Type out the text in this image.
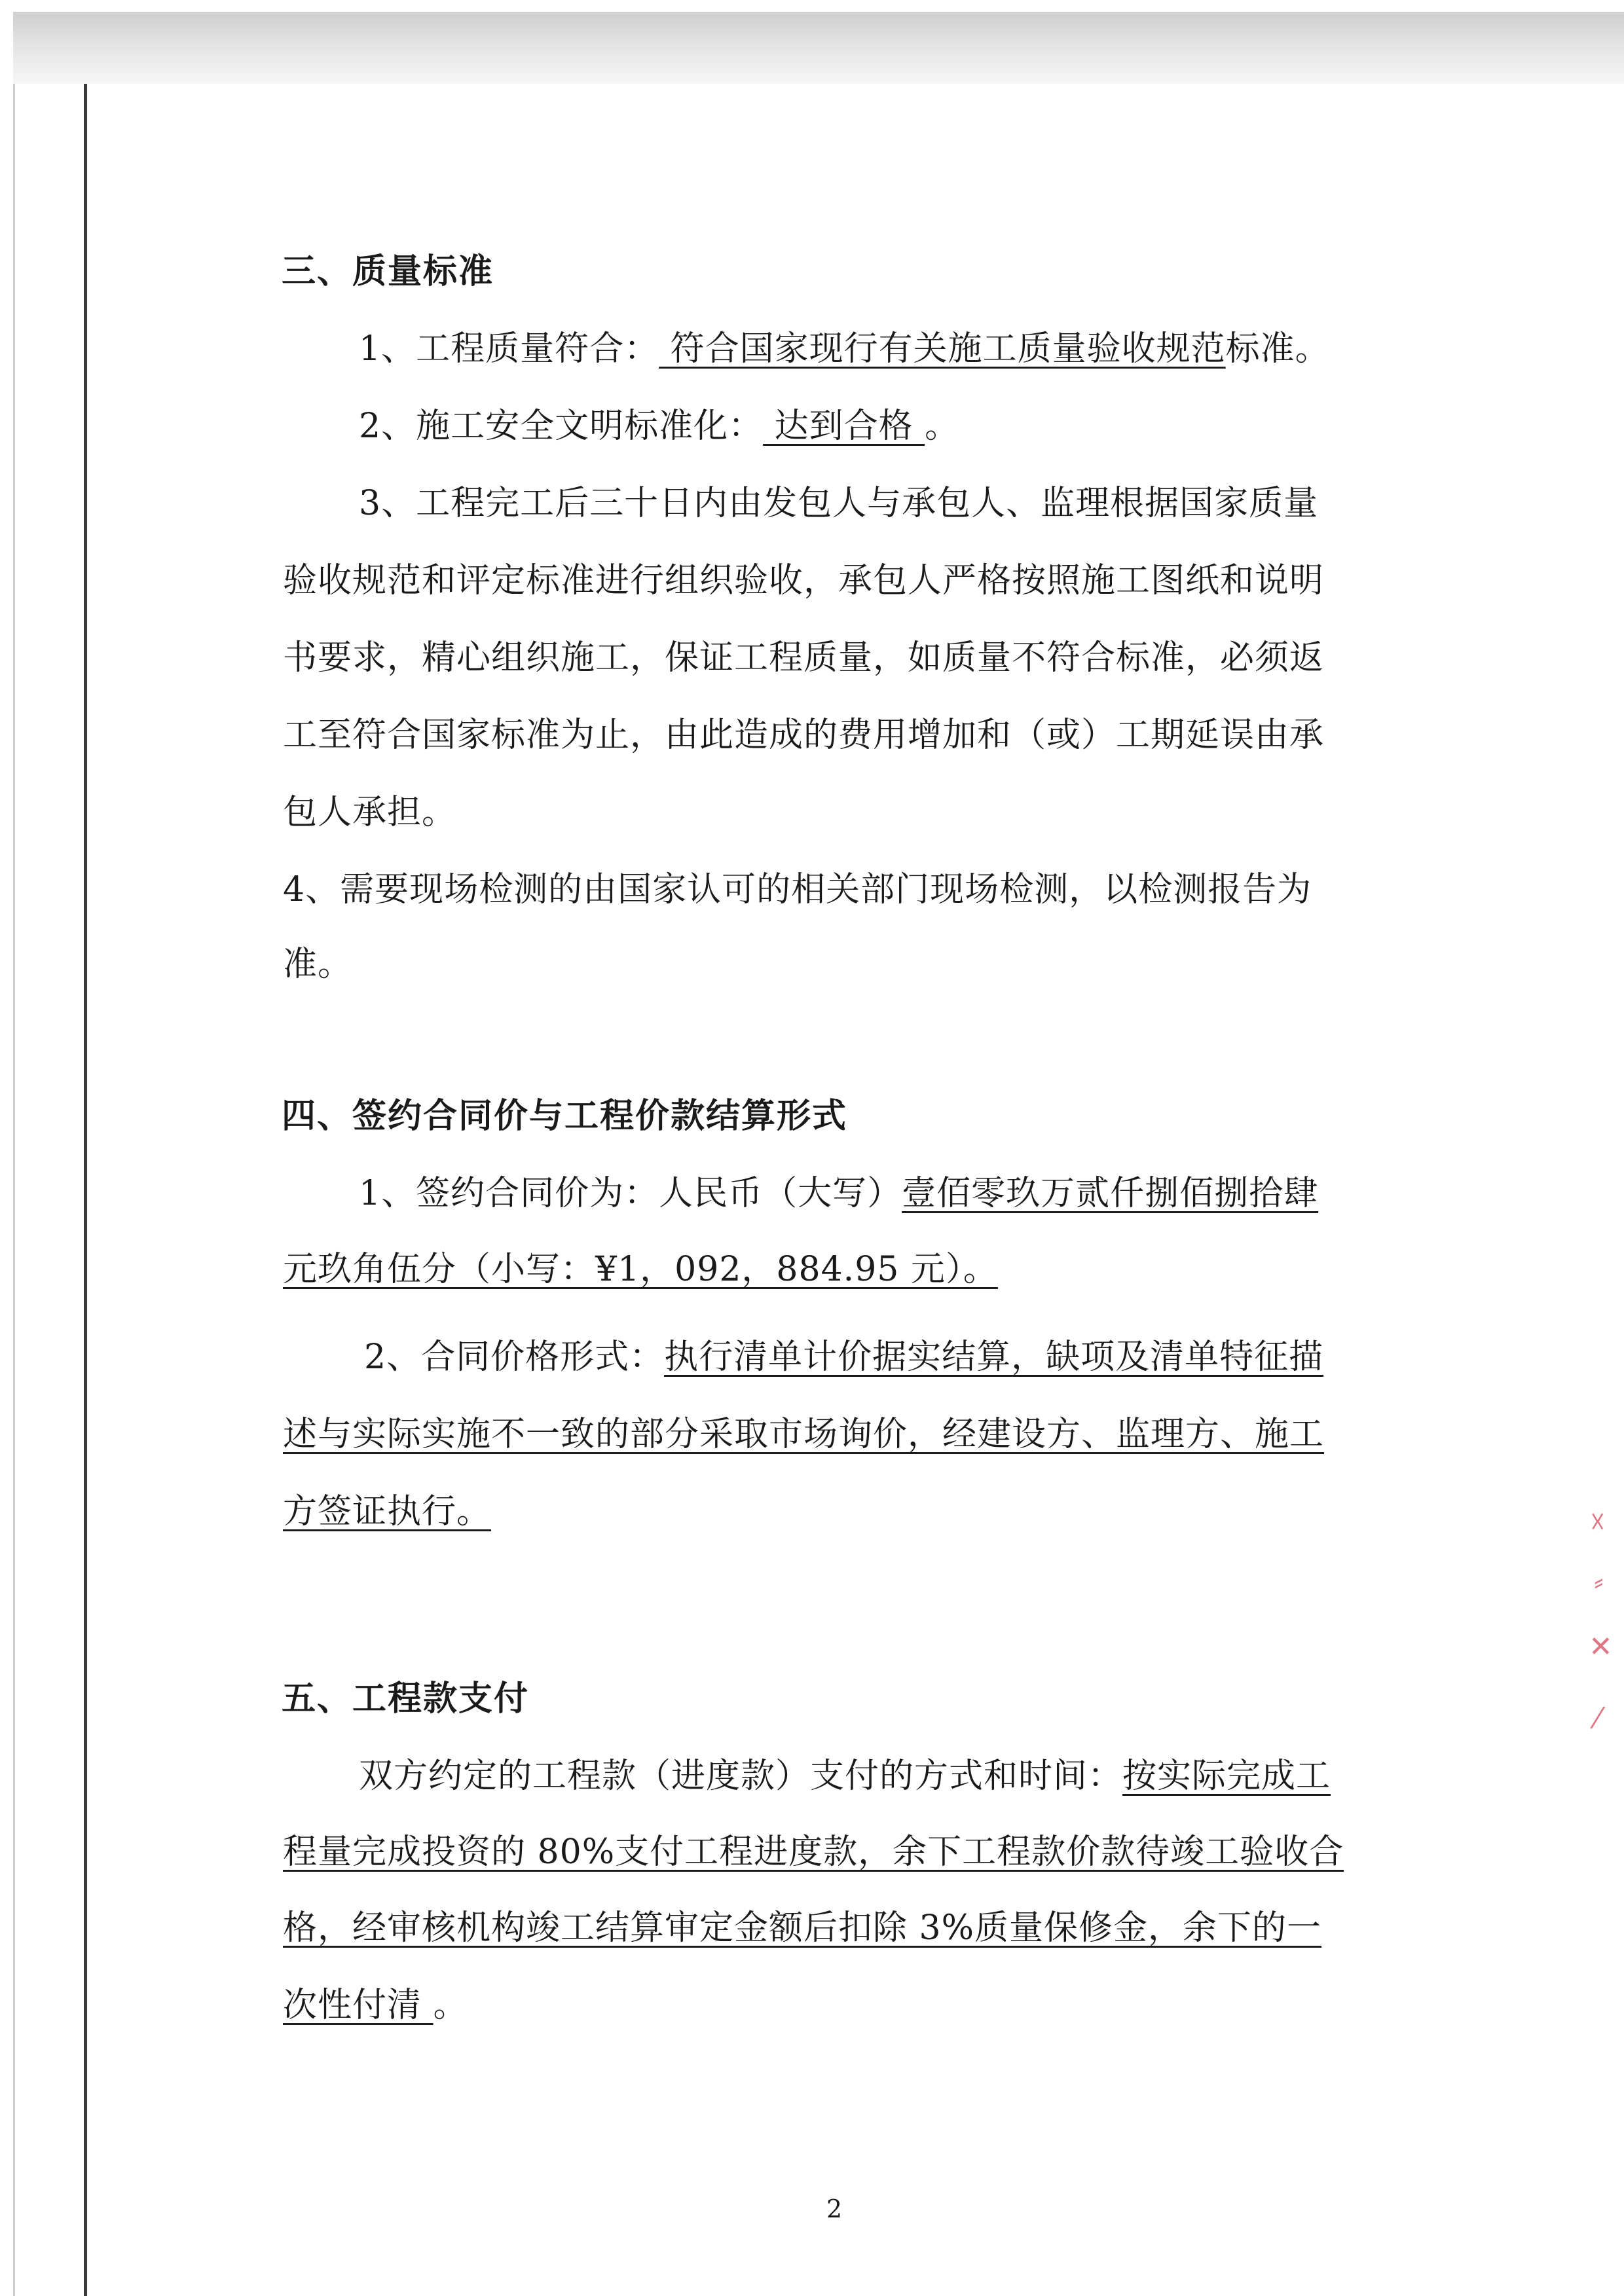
☓
⸗
✕
⁄
三、质量标准
1、工程质量符合： 符合国家现行有关施工质量验收规范标准。
2、施工安全文明标准化： 达到合格 。
3、工程完工后三十日内由发包人与承包人、监理根据国家质量
验收规范和评定标准进行组织验收，承包人严格按照施工图纸和说明
书要求，精心组织施工，保证工程质量，如质量不符合标准，必须返
工至符合国家标准为止，由此造成的费用增加和（或）工期延误由承
包人承担。
4、需要现场检测的由国家认可的相关部门现场检测，以检测报告为
准。
四、签约合同价与工程价款结算形式
1、签约合同价为：人民币（大写）壹佰零玖万贰仟捌佰捌拾肆
元玖角伍分（小写：¥1，092，884.95 元）。
2、合同价格形式：执行清单计价据实结算，缺项及清单特征描
述与实际实施不一致的部分采取市场询价，经建设方、监理方、施工
方签证执行。
五、工程款支付
双方约定的工程款（进度款）支付的方式和时间：按实际完成工
程量完成投资的 80%支付工程进度款，余下工程款价款待竣工验收合
格，经审核机构竣工结算审定金额后扣除 3%质量保修金，余下的一
次性付清 。
2
